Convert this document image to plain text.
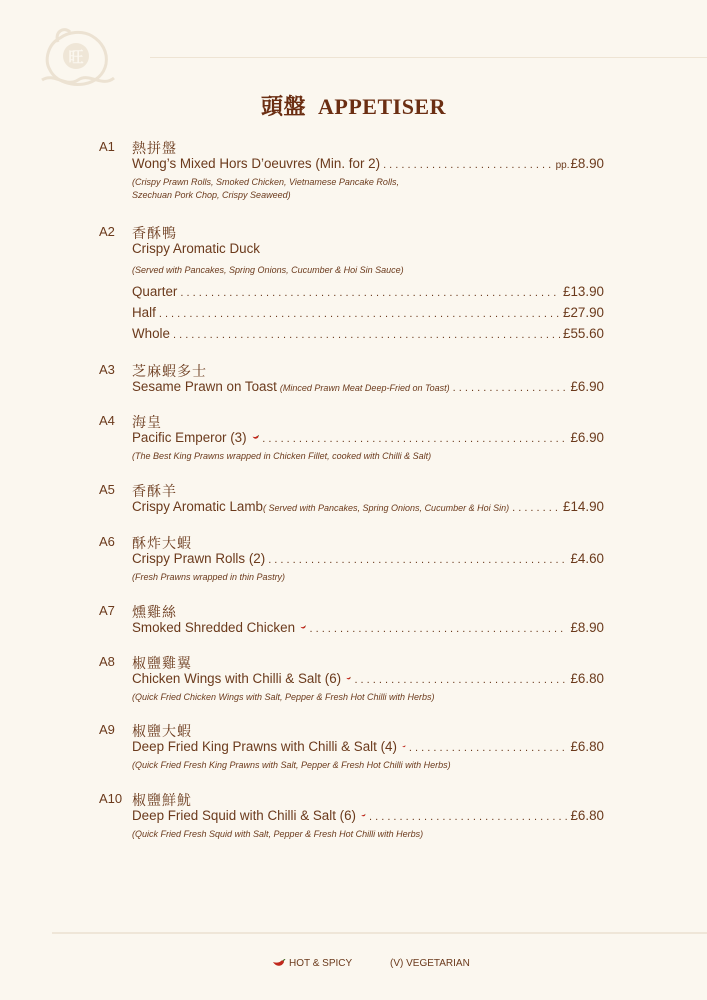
旺
頭盤 APPETISER
A1 熱拼盤
Wong’s Mixed Hors D’oeuvres (Min. for 2) . . .	pp.£8.90
(Crispy Prawn Rolls, Smoked Chicken, Vietnamese Pancake Rolls,
Szechuan Pork Chop, Crispy Seaweed)
A2 香酥鴨
Crispy Aromatic Duck
(Served with Pancakes, Spring Onions, Cucumber & Hoi Sin Sauce)
Quarter . . .	£13.90
Half . . .	£27.90
Whole . . .	£55.60
A3 芝麻蝦多士
Sesame Prawn on Toast (Minced Prawn Meat Deep-Fried on Toast) . . .	£6.90
A4 海皇
Pacific Emperor (3) . . .	£6.90
(The Best King Prawns wrapped in Chicken Fillet, cooked with Chilli & Salt)
A5 香酥羊
Crispy Aromatic Lamb ( Served with Pancakes, Spring Onions, Cucumber & Hoi Sin) . . .	£14.90
A6 酥炸大蝦
Crispy Prawn Rolls (2) . . .	£4.60
(Fresh Prawns wrapped in thin Pastry)
A7 燻雞絲
Smoked Shredded Chicken . . .	£8.90
A8 椒鹽雞翼
Chicken Wings with Chilli & Salt (6) . . .	£6.80
(Quick Fried Chicken Wings with Salt, Pepper & Fresh Hot Chilli with Herbs)
A9 椒鹽大蝦
Deep Fried King Prawns with Chilli & Salt (4) . . .	£6.80
(Quick Fried Fresh King Prawns with Salt, Pepper & Fresh Hot Chilli with Herbs)
A10 椒鹽鮮魷
Deep Fried Squid with Chilli & Salt (6) . . .	£6.80
(Quick Fried Fresh Squid with Salt, Pepper & Fresh Hot Chilli with Herbs)
HOT & SPICY	(V) VEGETARIAN
